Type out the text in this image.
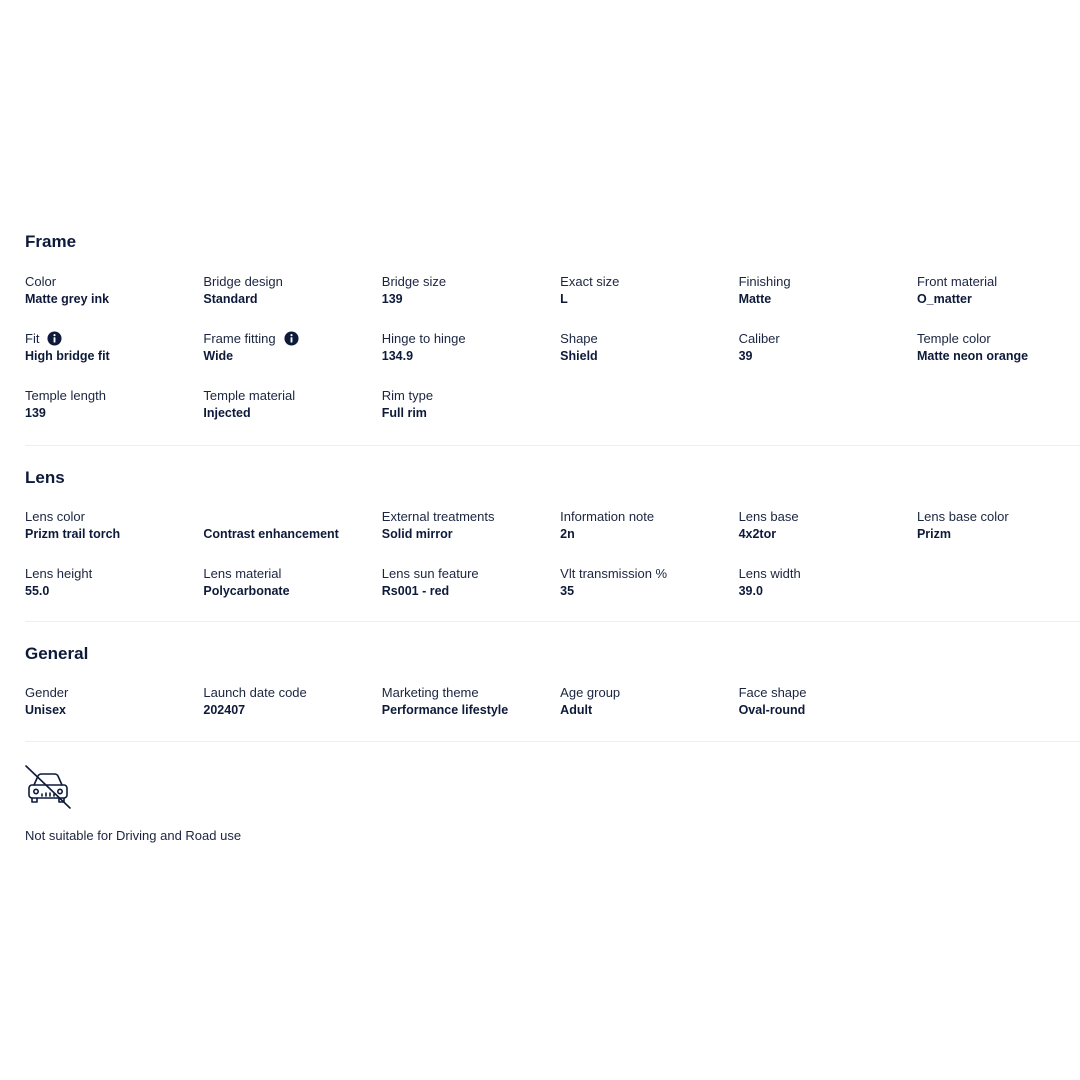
Frame
Color
Matte grey ink
Bridge design
Standard
Bridge size
139
Exact size
L
Finishing
Matte
Front material
O_matter
Fit
High bridge fit
Frame fitting
Wide
Hinge to hinge
134.9
Shape
Shield
Caliber
39
Temple color
Matte neon orange
Temple length
139
Temple material
Injected
Rim type
Full rim
Lens
Lens color
Prizm trail torch	Contrast enhancement
External treatments
Solid mirror
Information note
2n
Lens base
4x2tor
Lens base color
Prizm
Lens height
55.0
Lens material
Polycarbonate
Lens sun feature
Rs001 - red
Vlt transmission %
35
Lens width
39.0
General
Gender
Unisex
Launch date code
202407
Marketing theme
Performance lifestyle
Age group
Adult
Face shape
Oval-round

Not suitable for Driving and Road use
